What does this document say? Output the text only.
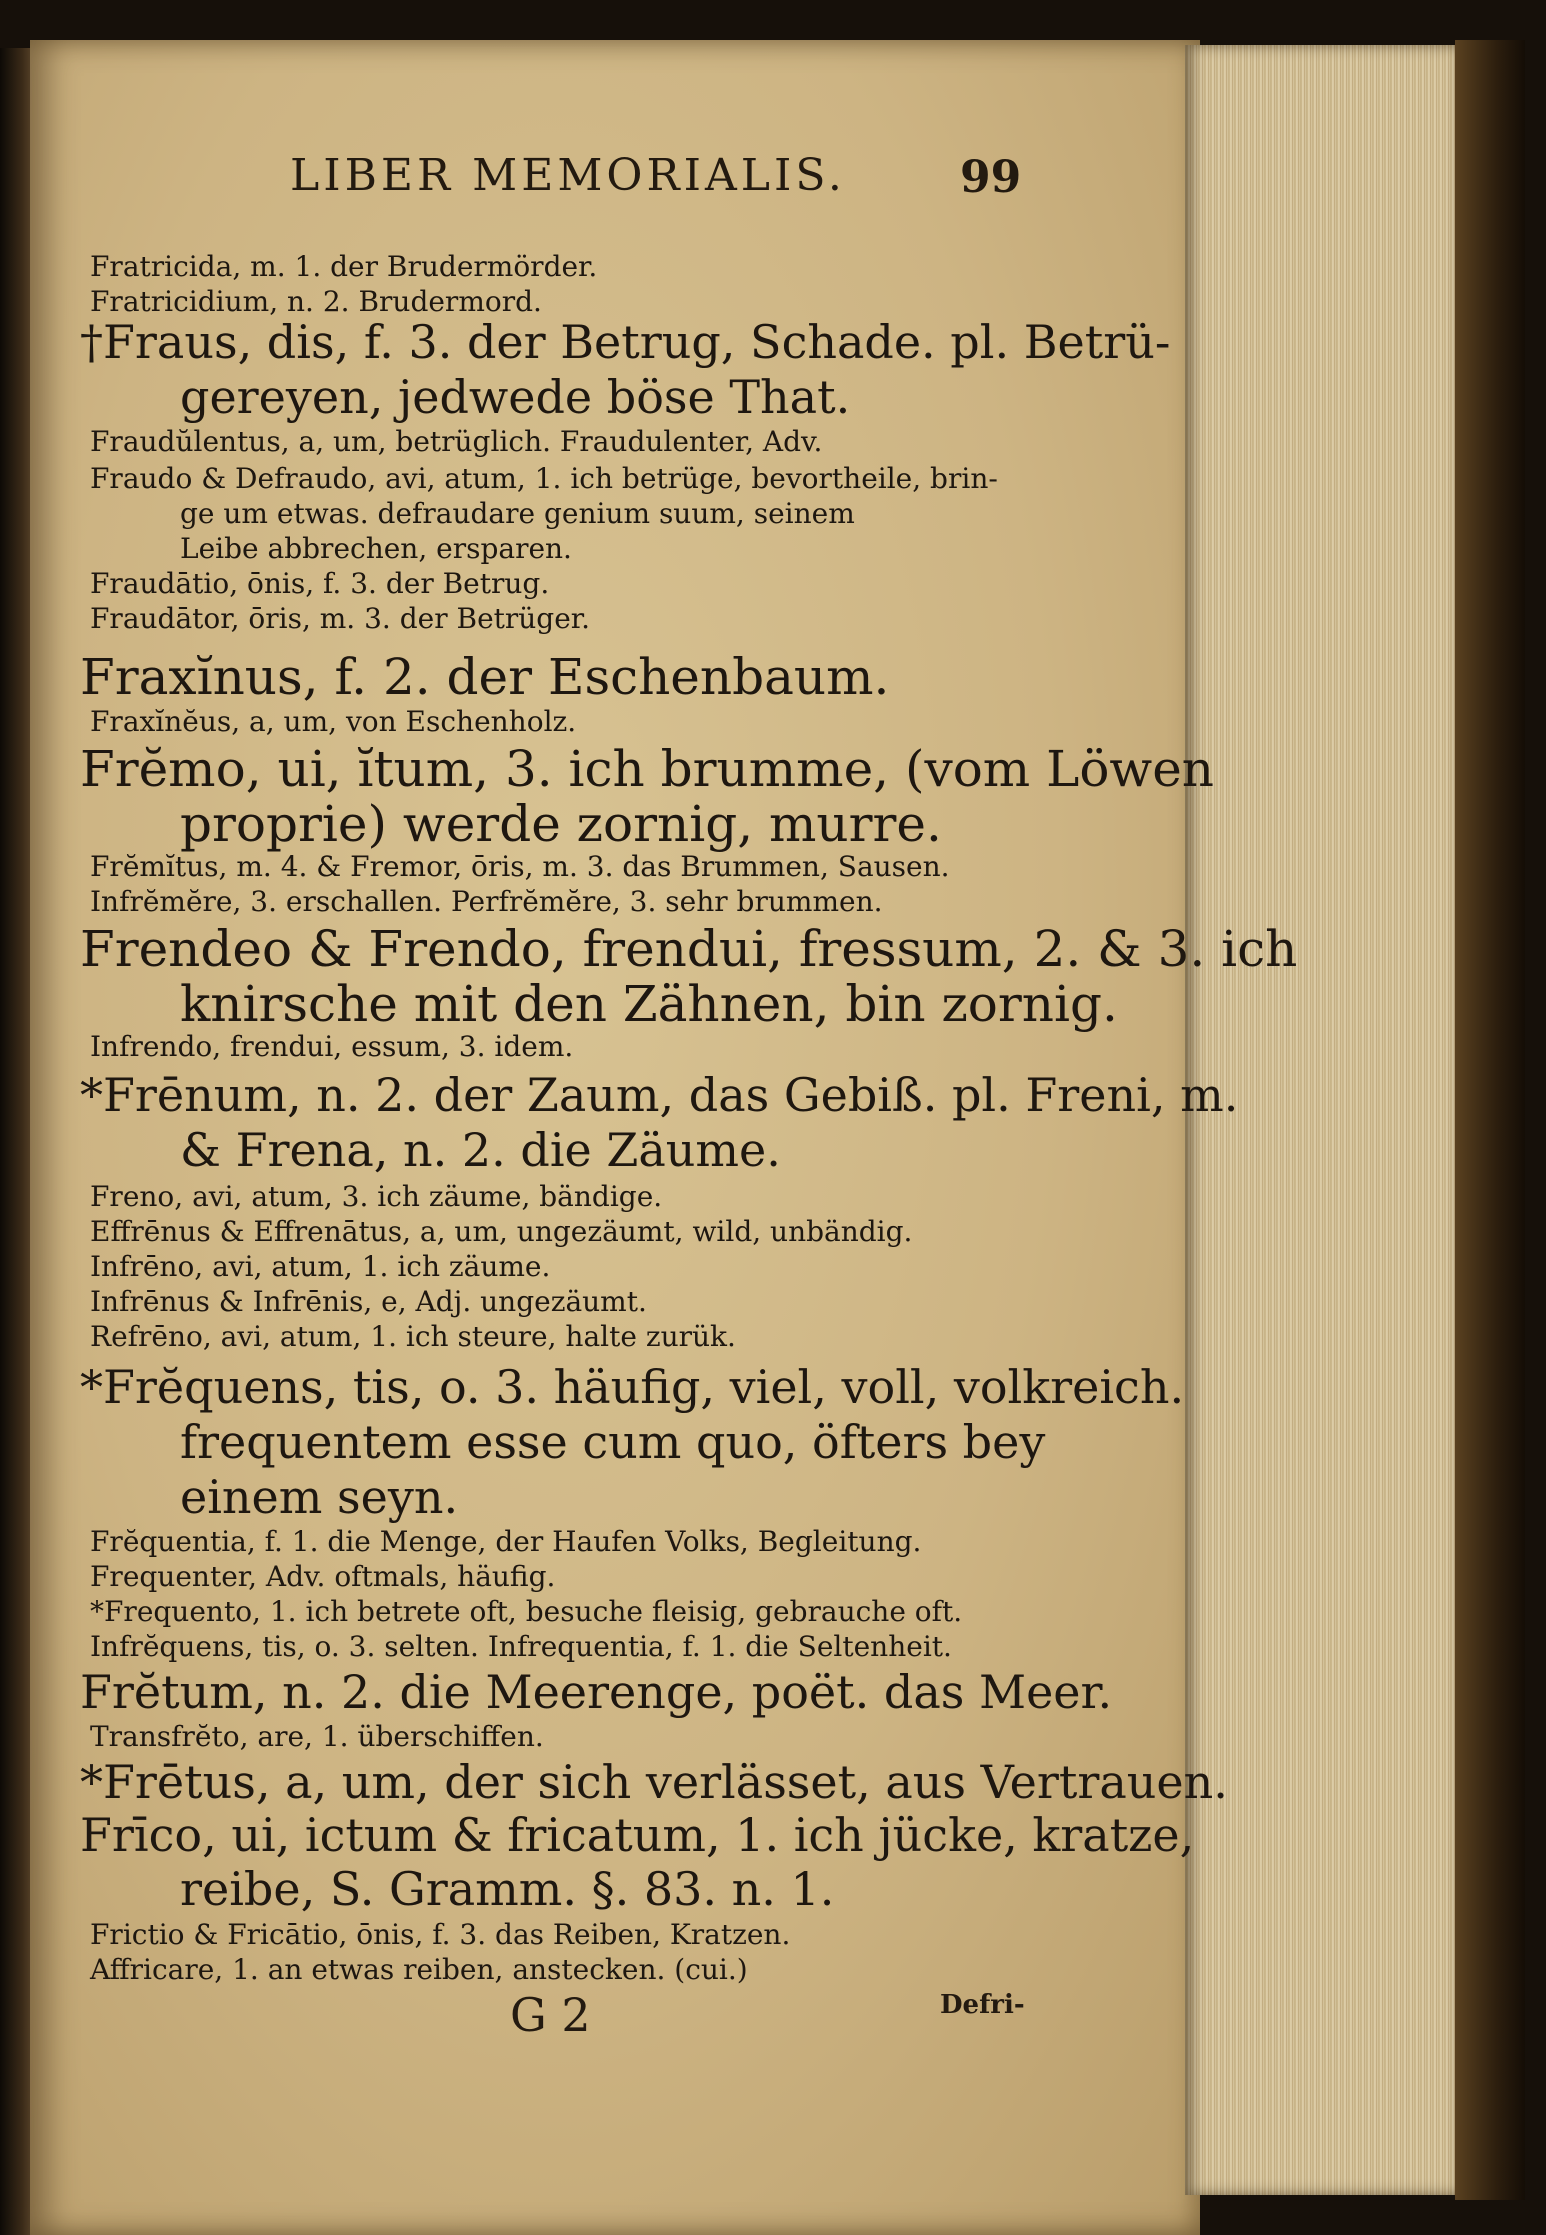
LIBER MEMORIALIS.	99
Fratricida, m. 1. der Brudermörder.
Fratricidium, n. 2. Brudermord.
†Fraus, dis, f. 3. der Betrug, Schade. pl. Betrü-
gereyen, jedwede böse That.
Fraudŭlentus, a, um, betrüglich. Fraudulenter, Adv.
Fraudo & Defraudo, avi, atum, 1. ich betrüge, bevortheile, brin-
ge um etwas. defraudare genium suum, seinem
Leibe abbrechen, ersparen.
Fraudātio, ōnis, f. 3. der Betrug.
Fraudātor, ōris, m. 3. der Betrüger.
Fraxĭnus, f. 2. der Eschenbaum.
Fraxĭnĕus, a, um, von Eschenholz.
Frĕmo, ui, ĭtum, 3. ich brumme, (vom Löwen
proprie) werde zornig, murre.
Frĕmĭtus, m. 4. & Fremor, ōris, m. 3. das Brummen, Sausen.
Infrĕmĕre, 3. erschallen. Perfrĕmĕre, 3. sehr brummen.
Frendeo & Frendo, frendui, fressum, 2. & 3. ich
knirsche mit den Zähnen, bin zornig.
Infrendo, frendui, essum, 3. idem.
*Frēnum, n. 2. der Zaum, das Gebiß. pl. Freni, m.
& Frena, n. 2. die Zäume.
Freno, avi, atum, 3. ich zäume, bändige.
Effrēnus & Effrenātus, a, um, ungezäumt, wild, unbändig.
Infrēno, avi, atum, 1. ich zäume.
Infrēnus & Infrēnis, e, Adj. ungezäumt.
Refrēno, avi, atum, 1. ich steure, halte zurük.
*Frĕquens, tis, o. 3. häufig, viel, voll, volkreich.
frequentem esse cum quo, öfters bey
einem seyn.
Frĕquentia, f. 1. die Menge, der Haufen Volks, Begleitung.
Frequenter, Adv. oftmals, häufig.
*Frequento, 1. ich betrete oft, besuche fleisig, gebrauche oft.
Infrĕquens, tis, o. 3. selten. Infrequentia, f. 1. die Seltenheit.
Frĕtum, n. 2. die Meerenge, poët. das Meer.
Transfrĕto, are, 1. überschiffen.
*Frētus, a, um, der sich verlässet, aus Vertrauen.
Frīco, ui, ictum & fricatum, 1. ich jücke, kratze,
reibe, S. Gramm. §. 83. n. 1.
Frictio & Fricātio, ōnis, f. 3. das Reiben, Kratzen.
Affricare, 1. an etwas reiben, anstecken. (cui.)
G 2	Defri-
